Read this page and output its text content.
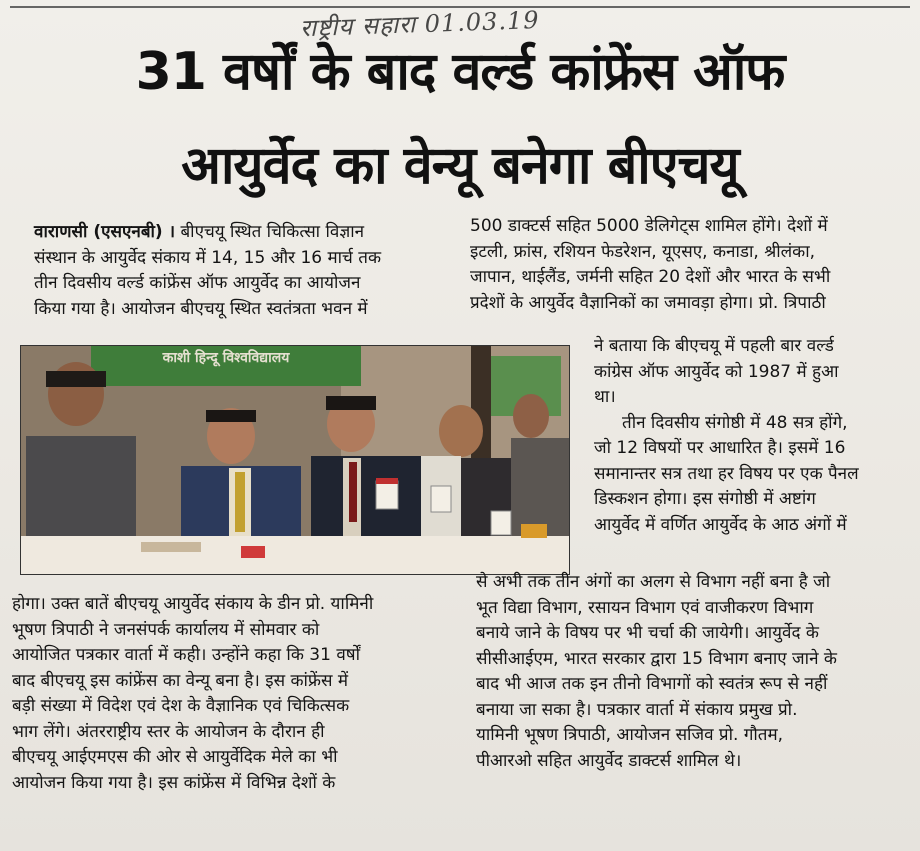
राष्ट्रीय सहारा 01.03.19
31 वर्षों के बाद वर्ल्ड कांफ्रेंस ऑफ
आयुर्वेद का वेन्यू बनेगा बीएचयू

वाराणसी (एसएनबी) । बीएचयू स्थित चिकित्सा विज्ञान

संस्थान के आयुर्वेद संकाय में 14, 15 और 16 मार्च तक

तीन दिवसीय वर्ल्ड कांफ्रेंस ऑफ आयुर्वेद का आयोजन

किया गया है। आयोजन बीएचयू स्थित स्वतंत्रता भवन में

500 डाक्टर्स सहित 5000 डेलिगेट्स शामिल होंगे। देशों में

इटली, फ्रांस, रशियन फेडरेशन, यूएसए, कनाडा, श्रीलंका,

जापान, थाईलैंड, जर्मनी सहित 20 देशों और भारत के सभी

प्रदेशों के आयुर्वेद वैज्ञानिकों का जमावड़ा होगा। प्रो. त्रिपाठी

काशी हिन्दू विश्वविद्यालय

ने बताया कि बीएचयू में पहली बार वर्ल्ड

कांग्रेस ऑफ आयुर्वेद को 1987 में हुआ

था।

तीन दिवसीय संगोष्ठी में 48 सत्र होंगे,

जो 12 विषयों पर आधारित है। इसमें 16

समानान्तर सत्र तथा हर विषय पर एक पैनल

डिस्कशन होगा। इस संगोष्ठी में अष्टांग

आयुर्वेद में वर्णित आयुर्वेद के आठ अंगों में

होगा। उक्त बातें बीएचयू आयुर्वेद संकाय के डीन प्रो. यामिनी

भूषण त्रिपाठी ने जनसंपर्क कार्यालय में सोमवार को

आयोजित पत्रकार वार्ता में कही। उन्होंने कहा कि 31 वर्षों

बाद बीएचयू इस कांफ्रेंस का वेन्यू बना है। इस कांफ्रेंस में

बड़ी संख्या में विदेश एवं देश के वैज्ञानिक एवं चिकित्सक

भाग लेंगे। अंतरराष्ट्रीय स्तर के आयोजन के दौरान ही

बीएचयू आईएमएस की ओर से आयुर्वेदिक मेले का भी

आयोजन किया गया है। इस कांफ्रेंस में विभिन्न देशों के

से अभी तक तीन अंगों का अलग से विभाग नहीं बना है जो

भूत विद्या विभाग, रसायन विभाग एवं वाजीकरण विभाग

बनाये जाने के विषय पर भी चर्चा की जायेगी। आयुर्वेद के

सीसीआईएम, भारत सरकार द्वारा 15 विभाग बनाए जाने के

बाद भी आज तक इन तीनो विभागों को स्वतंत्र रूप से नहीं

बनाया जा सका है। पत्रकार वार्ता में संकाय प्रमुख प्रो.

यामिनी भूषण त्रिपाठी, आयोजन सजिव प्रो. गौतम,

पीआरओ सहित आयुर्वेद डाक्टर्स शामिल थे।
